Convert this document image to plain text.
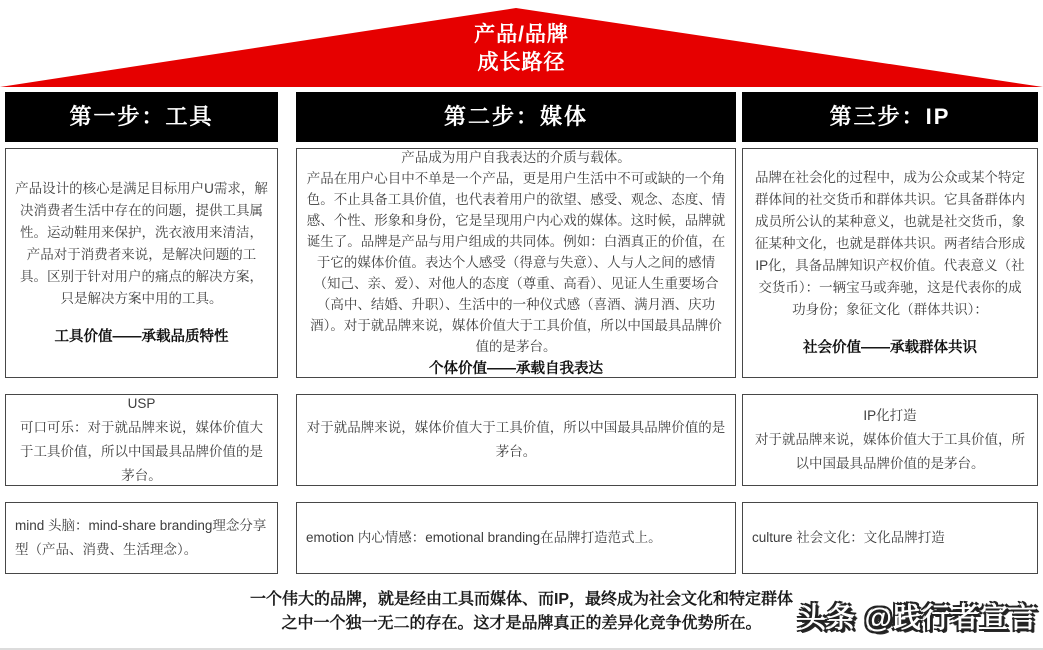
产品/品牌
成长路径
第一步：工具

产品设计的核心是满足目标用户U需求，解决消费者生活中存在的问题，提供工具属性。运动鞋用来保护，洗衣液用来清洁，产品对于消费者来说，是解决问题的工具。区别于针对用户的痛点的解决方案，只是解决方案中用的工具。

工具价值——承载品质特性

USP

可口可乐：对于就品牌来说，媒体价值大于工具价值，所以中国最具品牌价值的是茅台。

mind 头脑：mind-share branding理念分享型（产品、消费、生活理念）。

第二步：媒体

产品成为用户自我表达的介质与载体。

产品在用户心目中不单是一个产品，更是用户生活中不可或缺的一个角色。不止具备工具价值，也代表着用户的欲望、感受、观念、态度、情感、个性、形象和身份，它是呈现用户内心戏的媒体。这时候，品牌就诞生了。品牌是产品与用户组成的共同体。例如：白酒真正的价值，在于它的媒体价值。表达个人感受（得意与失意）、人与人之间的感情（知己、亲、爱）、对他人的态度（尊重、高看）、见证人生重要场合（高中、结婚、升职）、生活中的一种仪式感（喜酒、满月酒、庆功酒）。对于就品牌来说，媒体价值大于工具价值，所以中国最具品牌价值的是茅台。

个体价值——承载自我表达

对于就品牌来说，媒体价值大于工具价值，所以中国最具品牌价值的是茅台。

emotion 内心情感：emotional branding在品牌打造范式上。

第三步：IP

品牌在社会化的过程中，成为公众或某个特定群体间的社交货币和群体共识。它具备群体内成员所公认的某种意义，也就是社交货币，象征某种文化，也就是群体共识。两者结合形成IP化，具备品牌知识产权价值。代表意义（社交货币）：一辆宝马或奔驰，这是代表你的成功身份；象征文化（群体共识）：

社会价值——承载群体共识

IP化打造

对于就品牌来说，媒体价值大于工具价值，所以中国最具品牌价值的是茅台。

culture 社会文化：文化品牌打造

一个伟大的品牌，就是经由工具而媒体、而IP，最终成为社会文化和特定群体
之中一个独一无二的存在。这才是品牌真正的差异化竞争优势所在。	头条 @践行者宣言
